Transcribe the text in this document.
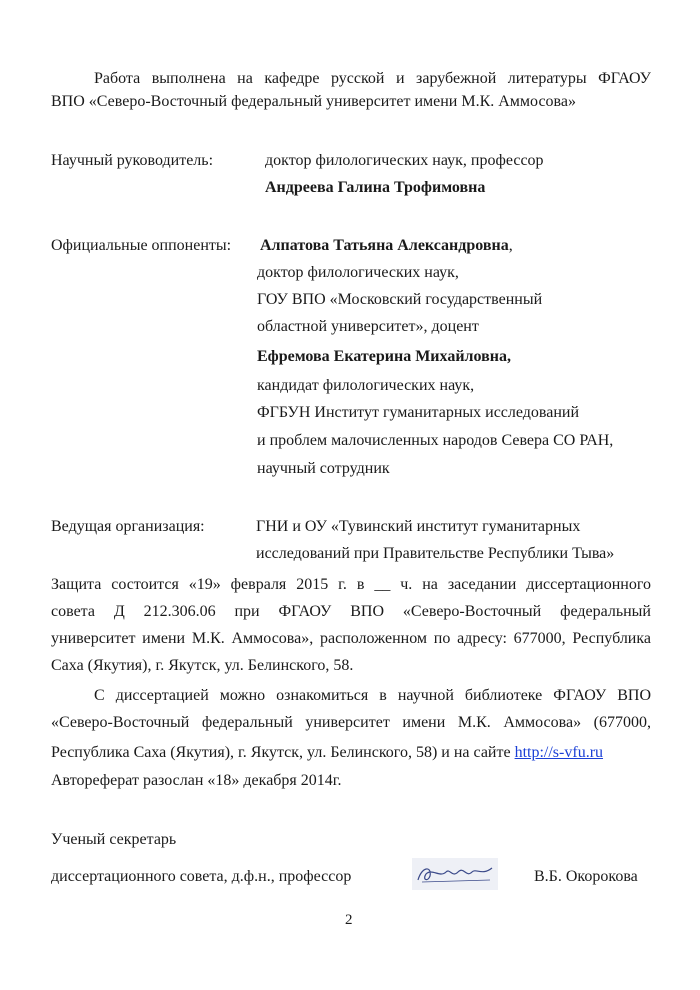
Работа выполнена на кафедре русской и зарубежной литературы ФГАОУ
ВПО «Северо-Восточный федеральный университет имени М.К. Аммосова»
Научный руководитель:	доктор филологических наук, профессор
Андреева Галина Трофимовна
Официальные оппоненты: Алпатова Татьяна Александровна,
доктор филологических наук,
ГОУ ВПО «Московский государственный
областной университет», доцент
Ефремова Екатерина Михайловна,
кандидат филологических наук,
ФГБУН Институт гуманитарных исследований
и проблем малочисленных народов Севера СО РАН,
научный сотрудник
Ведущая организация:	ГНИ и ОУ «Тувинский институт гуманитарных
исследований при Правительстве Республики Тыва»
Защита состоится «19» февраля 2015 г. в __ ч. на заседании диссертационного
совета Д 212.306.06 при ФГАОУ ВПО «Северо-Восточный федеральный
университет имени М.К. Аммосова», расположенном по адресу: 677000, Республика
Саха (Якутия), г. Якутск, ул. Белинского, 58.
С диссертацией можно ознакомиться в научной библиотеке ФГАОУ ВПО
«Северо-Восточный федеральный университет имени М.К. Аммосова» (677000,
Республика Саха (Якутия), г. Якутск, ул. Белинского, 58) и на сайте http://s-vfu.ru
Автореферат разослан «18» декабря 2014г.
Ученый секретарь
диссертационного совета, д.ф.н., профессор	В.Б. Окорокова
2
